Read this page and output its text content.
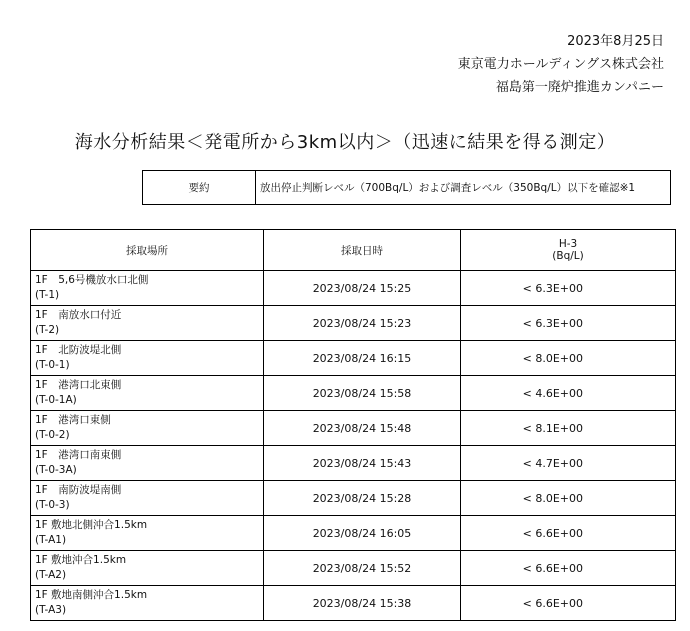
2023年8月25日
東京電力ホールディングス株式会社
福島第一廃炉推進カンパニー
海水分析結果＜発電所から3km以内＞（迅速に結果を得る測定）
要約	放出停止判断レベル（700Bq/L）および調査レベル（350Bq/L）以下を確認※1
採取場所	採取日時	H-3
(Bq/L)

1F　5,6号機放水口北側
(T-1)	2023/08/24 15:25	< 6.3E+00

1F　南放水口付近
(T-2)	2023/08/24 15:23	< 6.3E+00

1F　北防波堤北側
(T-0-1)	2023/08/24 16:15	< 8.0E+00

1F　港湾口北東側
(T-0-1A)	2023/08/24 15:58	< 4.6E+00

1F　港湾口東側
(T-0-2)	2023/08/24 15:48	< 8.1E+00

1F　港湾口南東側
(T-0-3A)	2023/08/24 15:43	< 4.7E+00

1F　南防波堤南側
(T-0-3)	2023/08/24 15:28	< 8.0E+00

1F 敷地北側沖合1.5km
(T-A1)	2023/08/24 16:05	< 6.6E+00

1F 敷地沖合1.5km
(T-A2)	2023/08/24 15:52	< 6.6E+00

1F 敷地南側沖合1.5km
(T-A3)	2023/08/24 15:38	< 6.6E+00
